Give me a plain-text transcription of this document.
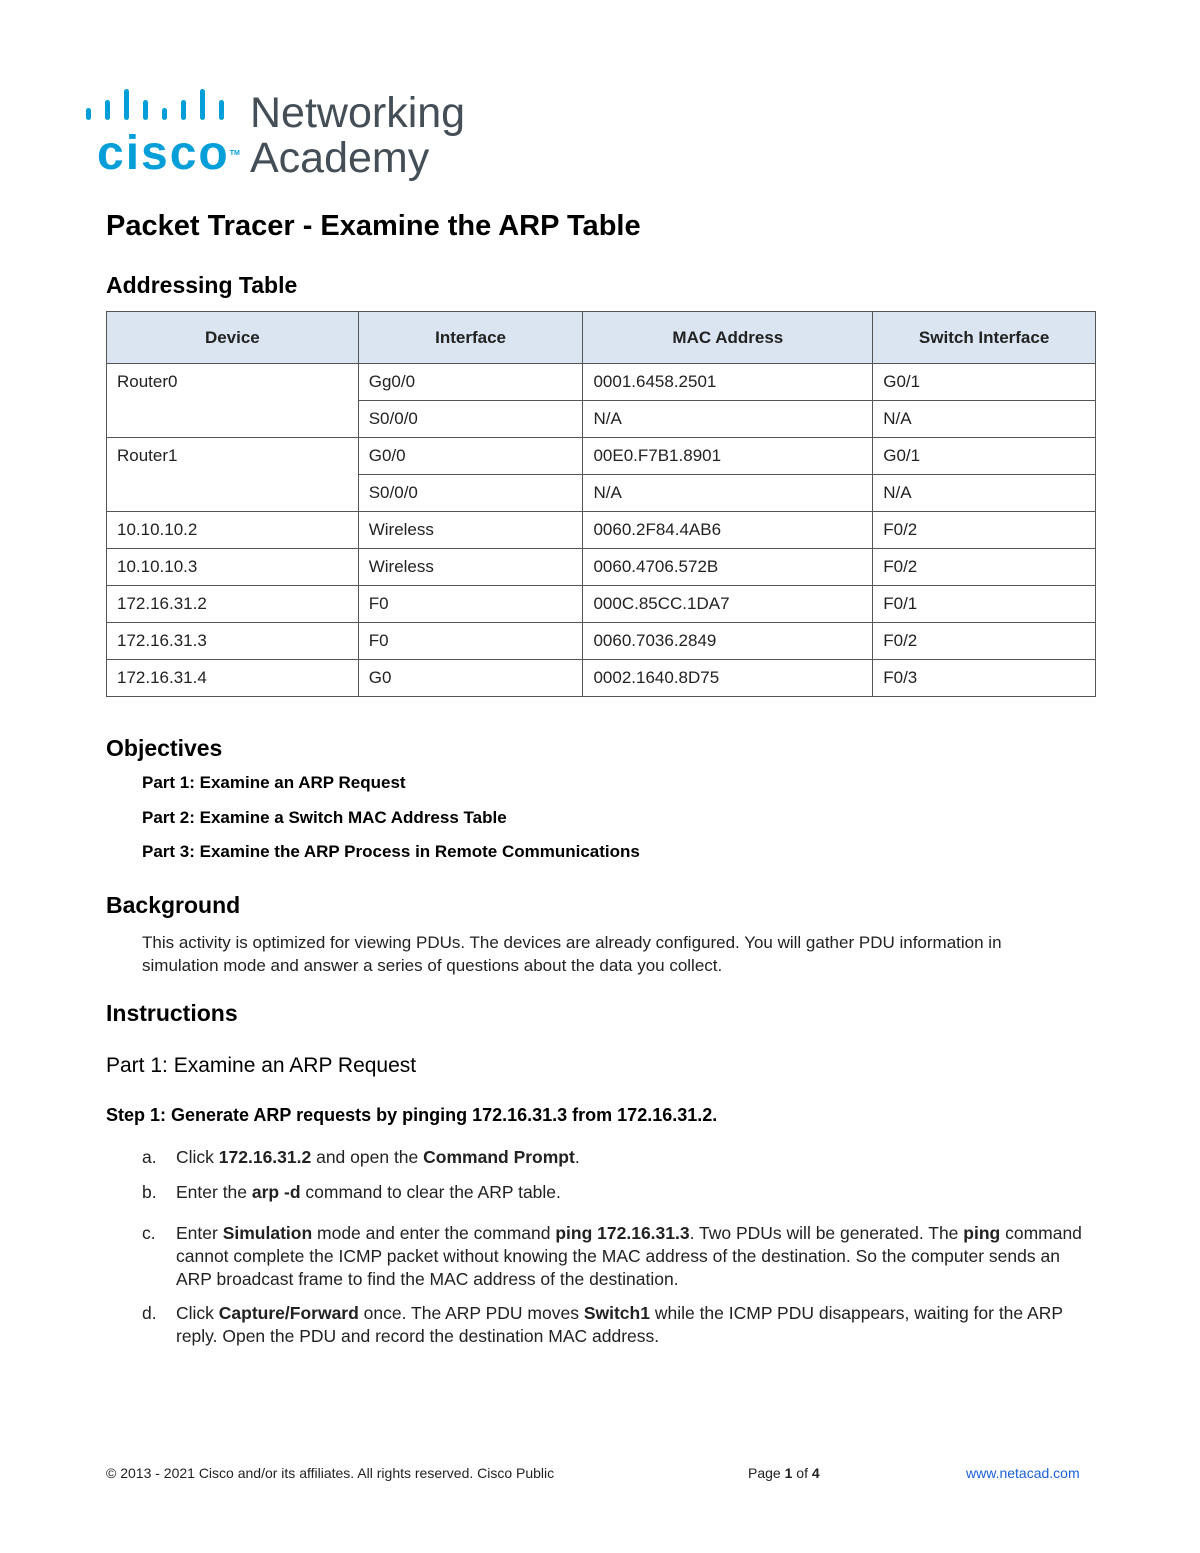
ciscoTM
Networking
Academy
Packet Tracer - Examine the ARP Table
Addressing Table
Device	Interface	MAC Address	Switch Interface
Router0	Gg0/0	0001.6458.2501	G0/1
	S0/0/0	N/A	N/A
Router1	G0/0	00E0.F7B1.8901	G0/1
	S0/0/0	N/A	N/A
10.10.10.2	Wireless	0060.2F84.4AB6	F0/2
10.10.10.3	Wireless	0060.4706.572B	F0/2
172.16.31.2	F0	000C.85CC.1DA7	F0/1
172.16.31.3	F0	0060.7036.2849	F0/2
172.16.31.4	G0	0002.1640.8D75	F0/3
Objectives
Part 1: Examine an ARP Request
Part 2: Examine a Switch MAC Address Table
Part 3: Examine the ARP Process in Remote Communications
Background

This activity is optimized for viewing PDUs. The devices are already configured. You will gather PDU information in simulation mode and answer a series of questions about the data you collect.

Instructions
Part 1: Examine an ARP Request
Step 1: Generate ARP requests by pinging 172.16.31.3 from 172.16.31.2.
a. Click 172.16.31.2 and open the Command Prompt.
b. Enter the arp -d command to clear the ARP table.
c. Enter Simulation mode and enter the command ping 172.16.31.3. Two PDUs will be generated. The ping command cannot complete the ICMP packet without knowing the MAC address of the destination. So the computer sends an ARP broadcast frame to find the MAC address of the destination.
d. Click Capture/Forward once. The ARP PDU moves Switch1 while the ICMP PDU disappears, waiting for the ARP reply. Open the PDU and record the destination MAC address.
© 2013 - 2021 Cisco and/or its affiliates. All rights reserved. Cisco Public	Page 1 of 4	www.netacad.com
